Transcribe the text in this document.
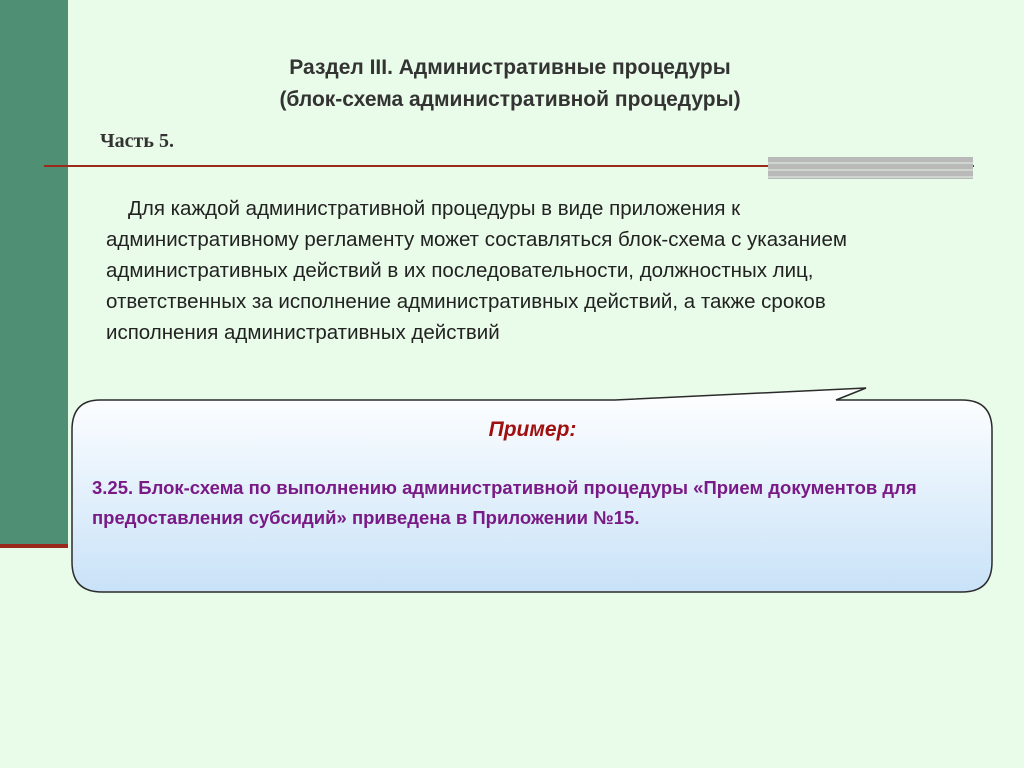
Раздел III. Административные процедуры
(блок-схема административной процедуры)
Часть 5.
Для каждой административной процедуры в виде приложения к административному регламенту может составляться блок-схема с указанием административных действий в их последовательности, должностных лиц, ответственных за исполнение административных действий, а также сроков исполнения административных действий
Пример:
3.25. Блок-схема по выполнению административной процедуры «Прием документов для предоставления субсидий» приведена в Приложении №15.
